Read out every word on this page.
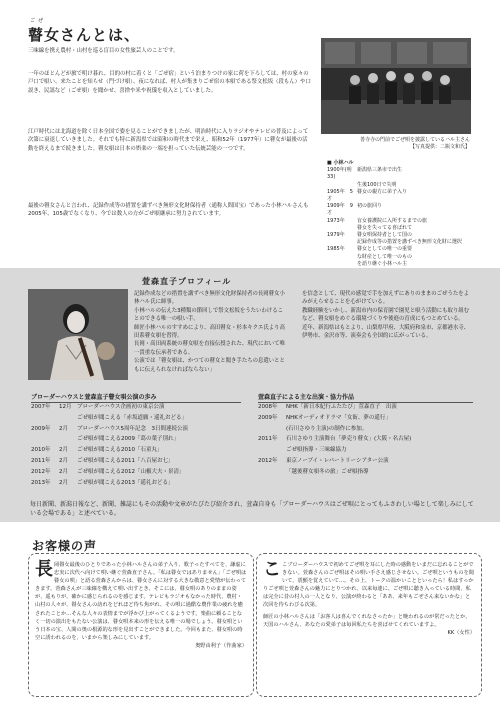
ごぜ
瞽女さんとは、
三味線を携え農村・山村を巡る盲目の女性旅芸人のことです。
一年のほとんどが旅で明け暮れ、目的の村に着くと「ごぜ宿」という泊まりつけの家に荷を下ろしては、村の家々の戸口で唄い、来たことを知らせ（門づけ唄）、夜になれば、村人が集まりごぜ宿の本唄である祭文松坂（段もん）や口説き、民謡など（ごぜ唄）を聞かせ、喜捨や米や祝儀を収入としていました。
江戸時代には北海道を除く日本全国で姿を見ることができましたが、明治時代に入りラジオやテレビの普及によって次第に衰退していきました。それでも特に新潟県では昭和の時代まで栄え、昭和52年（1977年）に瞽女が最後の活動を終えるまで続きました。瞽女唄は日本の娯楽の一端を担っていた伝統芸能の一つです。
最後の瞽女さんと言われ、記録作成等の措置を講ずべき無形文化財保持者（通称人間国宝）であった小林ハルさんも2005年、105歳でなくなり、今では数人の方がごぜ唄継承に努力されています。
善寺寺の門前でごぜ唄を披露しているハル主さん
【写真提供：二瓶文和氏】
■ 小林ハル
1900年(明33)
新潟県三条市で出生
生後100日で失明
1905年　5才
瞽女の親方に弟子入り
1909年　9才
初の旅回り
1973年	盲女養護院に入所するまでの旅
瞽女を失ってる喜ばれて
1979年	瞽女唄保持者として国の
記録作成等の措置を講ずべき無形文化財に選択
1985年	瞽女としての唯一の重要
な財産として唯一のもの
を語り継ぐ小林ハル主
萱森直子プロフィール
記録作成などの措置を講ずべき無形文化財保持者の長岡瞽女小林ハル氏に師事。
小林ハルの伝えた3種類の節回しで祭文松坂をうたいわけることのできる唯一の唄い手。
師匠小林ハルのすすめにより、高田瞽女・杉本キクエ氏より高田系瞽女唄を習得。
長岡・高田両系統の瞽女唄を直接伝授された、現代において唯一貴重な伝承者である。
公演では「瞽女唄は、かつての瞽女と聞き手たちの息遣いとともに伝えられなければならない」
を信念として、現代の感覚で手を加えずにありのままのごぜうたをよみがえらせることを心がけている。
教職経験をいかし、新潟市内の保育園で園児と唄う活動にも取り組むなど、瞽女唄をめぐる環境づくりや後進の育成にもつとめている。
近年、新潟県はもとより、山梨県甲府、大阪府和泉市、京都港水寺、伊勢市、金沢市等、演奏会も全国的に広がっている。
ブローダーハウスと萱森直子瞽女唄公演の歩み	萱森直子による主な出演・協力作品
2007年	12月	ブローダーハウス企画初の東京公演
ごぜ唄が聞こえる「赤坂道願・遥礼おどる」
2009年	2月	ブローダーハウス5周年記念　3日間連続公演
ごぜ唄が聞こえる2009「葛の葉子別れ」
2010年	2月	ごぜ唄が聞こえる2010「石童丸」
2011年	2月	ごぜ唄が聞こえる2011「八百屋お七」
2012年	2月	ごぜ唄が聞こえる2012「山椒大夫・景清」
2013年	2月	ごぜ唄が聞こえる2013「遥礼おどる」
2008年	NHK「新日本紀行ふたたび」萱森直子　出演
2009年	NHKオーディオドラマ「女衒、夢の遥行」
(石川さゆり主演)の制作に参加。
2011年	石川さゆり主演舞台「夢売り瞽女」(大阪・名古屋)
ごぜ唄指導・三味線協力
2012年	東京ノーブイ・レパートリーシアター公演
「越後瞽女唄冬の旅」ごぜ唄指導
毎日新聞、新潟日報など、新聞、雑誌にもその活動や文章がたびたび紹介され、萱森自身も「ブローダーハウスはごぜ唄にとってもふさわしい場として楽しみにしている会場である」と述べている。
お客様の声
長 岡瞽女最後のひとりであった小林ハルさんの弟子入り、歌子ったすべてを、謙虚に忠実に次代へ向けて唄い継ぐ萱森直子さん。「私は瞽女ではありません」「ごぜ唄は瞽女の唄」と語る萱森さんからは、瞽女さんに対する大きな敬意と愛情が伝わってきます。萱森さんが三味線を構えて唄い出すとき、そこには、瞽女唄のありのままの姿が、遥もりが、確かに感じられるのを感じます。テレビもラジオもなかった時代、農村・山村の人々が、瞽女さんの訪れをどれほど待ち焦がれ、その唄に過酷な農作業の疲れを癒されたことか…そんな人々の表情までが浮かび上がってくるようです。楽曲に頼ることなく一切の演出をもたない公演は、瞽女唄本来の形を伝える唯一の場でしょう。瞽女唄という日本の宝、人間の奥の根源的な形を見出すことができました。今回もまた、瞽女唄の時空に誘われるのを、いまから楽しみにしています。
奥野由利子（作曲家）
こ こブローダーハウスで初めてごぜ唄を耳にした時の感動をいまだに忘れることができない。萱森さんのごぜ唄はその唄い手さえ感じさせない。ごぜ唄というものを聞いて、震顫を覚えていて…。その上、トークの温かいことといったら！私はすっかりごぜ唄と萱森さんの魅力にとりつかれ、以来毎連に、ごぜ唄に聴き入っている時間、私は完全に昔の村人の一人となり、公演が終わると「ああ、来年もごぜさん来ないかな」と次回を待ちわびる次第。
師匠の小林ハルさんは「お客人は喜んでくれなさったか」と晩われるのが常だったとか。天国のハルさん、あなたの愛弟子は毎回私たちを喜ばせてくれていますよ。
KK（女性）
